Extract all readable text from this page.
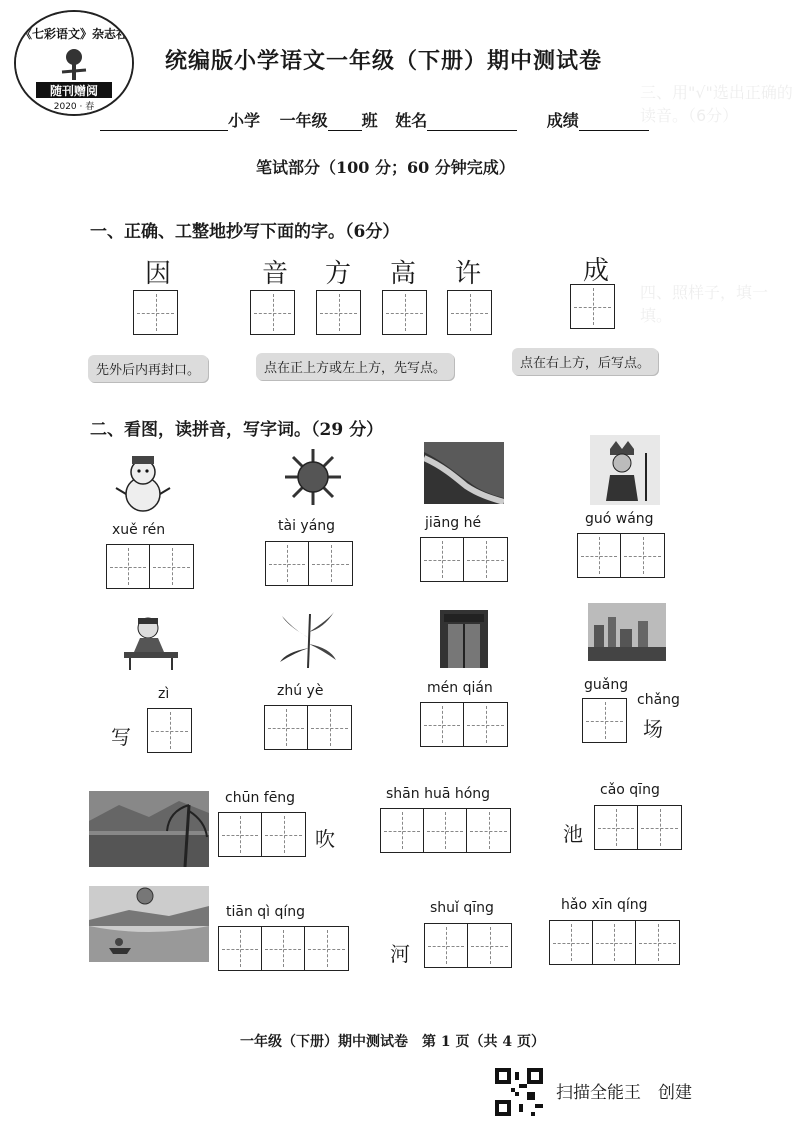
三、用"√"选出正确的读音。（6分）
四、照样子，填一填。
《七彩语文》杂志社
随刊赠阅
2020 · 春
统编版小学语文一年级（下册）期中测试卷
小学 一年级 班 姓名	成绩
笔试部分（100 分；60 分钟完成）
一、正确、工整地抄写下面的字。（6分）
因	音 方 高 许	成
先外后内再封口。	点在正上方或左上方，先写点。	点在右上方，后写点。
二、看图，读拼音，写字词。（29 分）
xuě rén	tài yáng	jiāng hé	guó wáng
zì	zhú yè	mén qián	guǎng
chǎng
写	场
chūn fēng
吹
shān huā hóng	cǎo qīng
池
tiān qì qíng	shuǐ qīng
河
hǎo xīn qíng
一年级（下册）期中测试卷　第 1 页（共 4 页）
扫描全能王　创建
